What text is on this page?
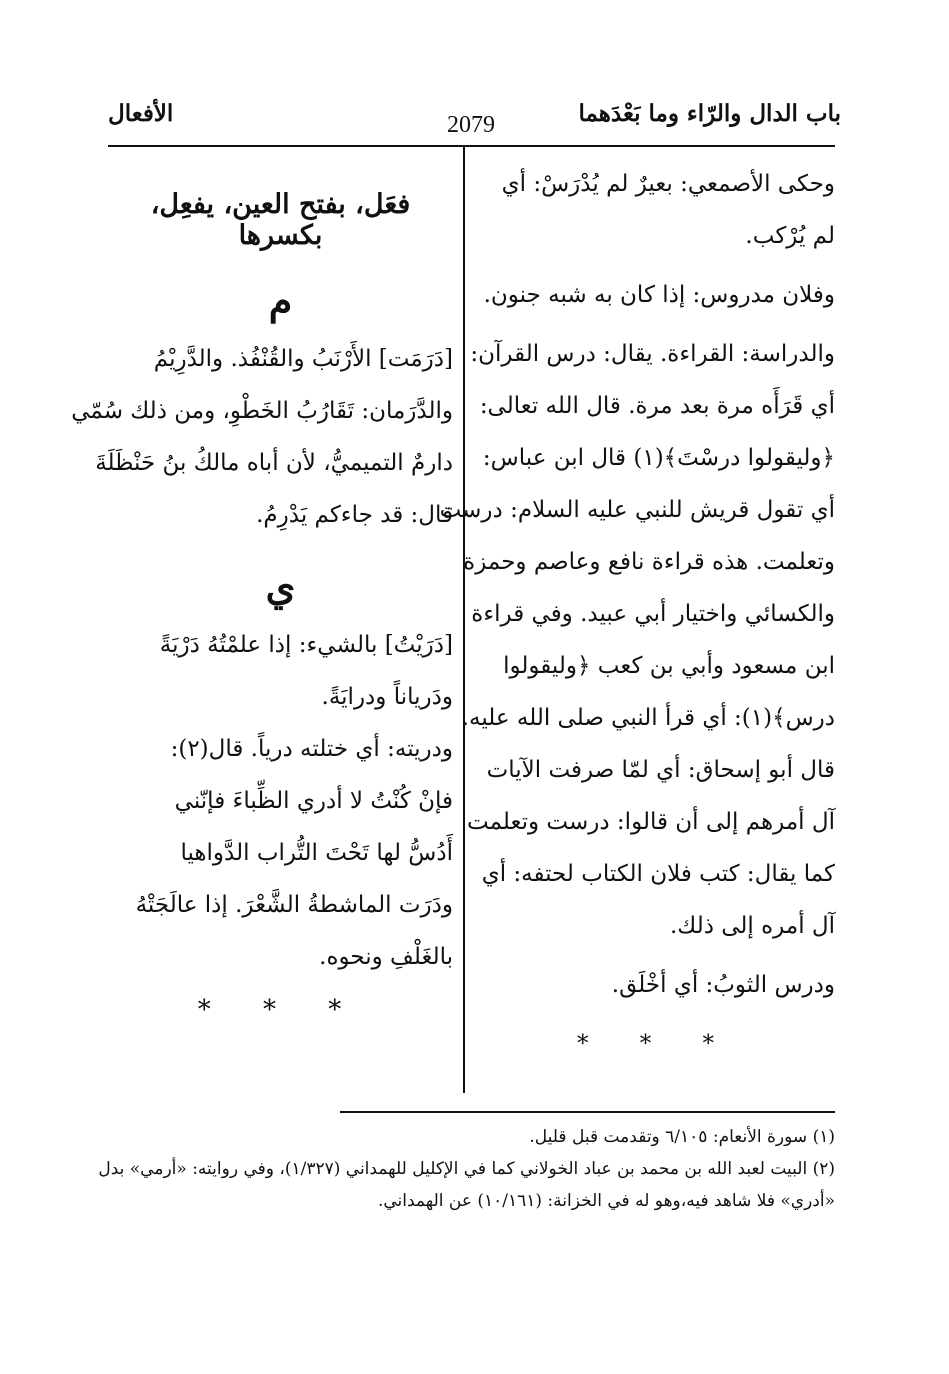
باب الدال والرّاء وما بَعْدَهما
2079
الأفعال
وحكى الأصمعي: بعيرٌ لم يُدْرَسْ: أي
لم يُرْكب.
وفلان مدروس: إذا كان به شبه جنون.
والدراسة: القراءة. يقال: درس القرآن:
أي قَرَأَه مرة بعد مرة. قال الله تعالى:
﴿وليقولوا درسْتَ﴾(١) قال ابن عباس:
أي تقول قريش للنبي عليه السلام: درست
وتعلمت. هذه قراءة نافع وعاصم وحمزة
والكسائي واختيار أبي عبيد. وفي قراءة
ابن مسعود وأبي بن كعب ﴿وليقولوا
درس﴾(١): أي قرأ النبي صلى الله عليه.
قال أبو إسحاق: أي لمّا صرفت الآيات
آل أمرهم إلى أن قالوا: درست وتعلمت
كما يقال: كتب فلان الكتاب لحتفه: أي
آل أمره إلى ذلك.
ودرس الثوبُ: أي أخْلَق.
* * *
فعَل، بفتح العين، يفعِل، بكسرها
م
[دَرَمَت] الأَرْنَبُ والقُنْفُذ. والدَّرِيْمُ
والدَّرَمان: تَقَارُبُ الخَطْوِ، ومن ذلك سُمّي
دارمٌ التميميُّ، لأن أباه مالكُ بنُ حَنْظَلَةَ
قال: قد جاءكم يَدْرِمُ.
ي
[دَرَيْتُ] بالشيء: إذا علمْتُهُ دَرْيَةً
ودَرياناً ودرايَةً.
ودريته: أي ختلته درياً. قال(٢):
فإنْ كُنْتُ لا أدري الظِّباءَ فإنّني
أَدُسُّ لها تَحْتَ التُّراب الدَّواهيا
ودَرَت الماشطةُ الشَّعْرَ. إذا عالَجَتْهُ
بالغَلْفِ ونحوه.
* * *
(١) سورة الأنعام: ٦/١٠٥ وتقدمت قبل قليل.
(٢) البيت لعبد الله بن محمد بن عباد الخولاني كما في الإكليل للهمداني (١/٣٢٧)، وفي روايته: «أرمي» بدل
«أدري» فلا شاهد فيه،وهو له في الخزانة: (١٠/١٦١) عن الهمداني.
